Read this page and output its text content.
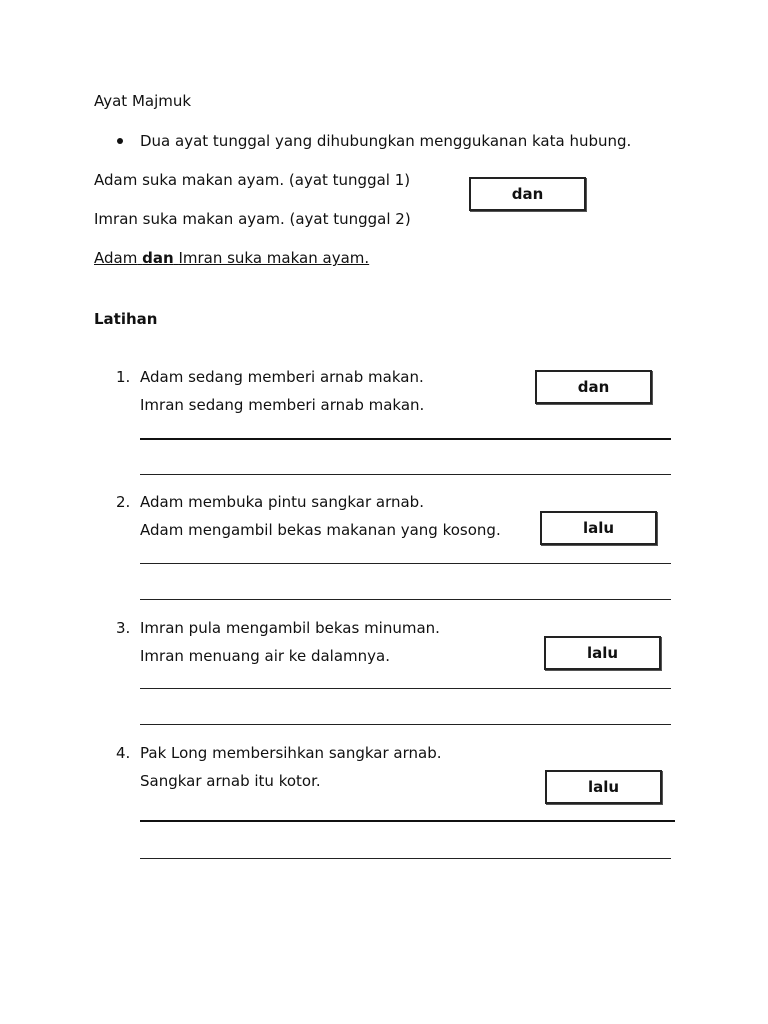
Ayat Majmuk
Dua ayat tunggal yang dihubungkan menggukanan kata hubung.
Adam suka makan ayam. (ayat tunggal 1)
Imran suka makan ayam. (ayat tunggal 2)
dan
Adam dan Imran suka makan ayam.
Latihan
1. Adam sedang memberi arnab makan.
Imran sedang memberi arnab makan.
dan
2. Adam membuka pintu sangkar arnab.
Adam mengambil bekas makanan yang kosong.	lalu
3. Imran pula mengambil bekas minuman.
Imran menuang air ke dalamnya.	lalu
4. Pak Long membersihkan sangkar arnab.
Sangkar arnab itu kotor.	lalu
